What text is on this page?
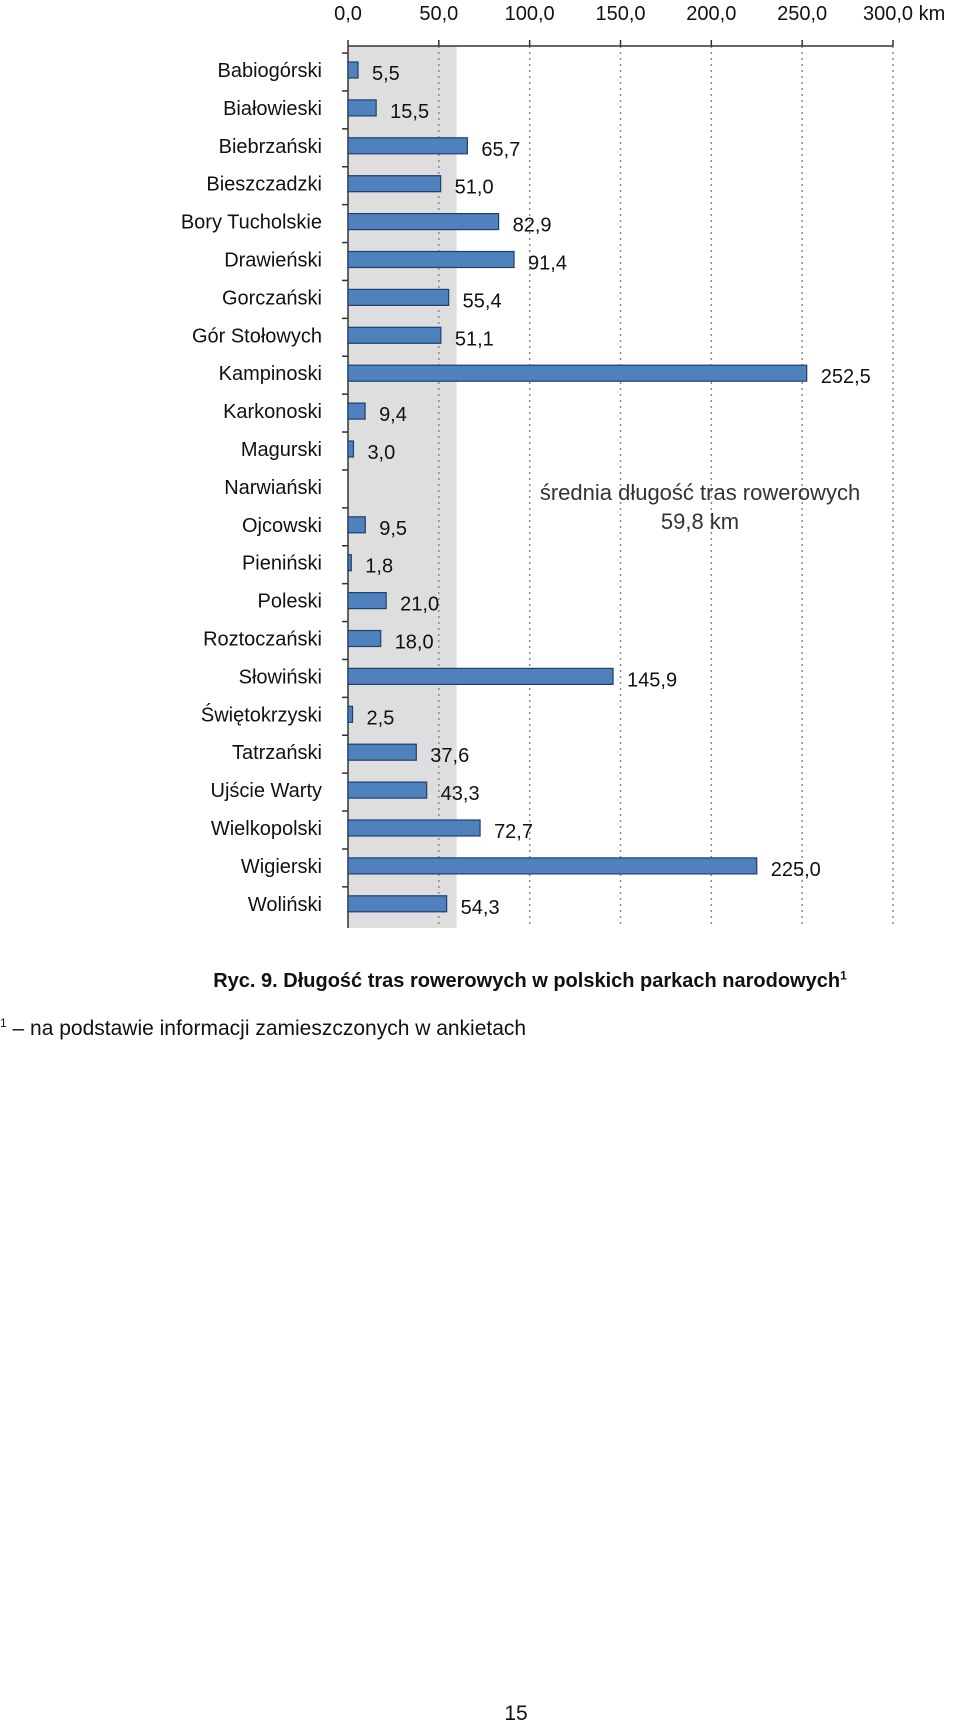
0,0	50,0 100,0 150,0 200,0 250,0 300,0 km
Babiogórski 5,5
Białowieski	15,5
Biebrzański	65,7
Bieszczadzki	51,0
Bory Tucholskie	82,9
Drawieński	91,4
Gorczański	55,4
Gór Stołowych	51,1
Kampinoski	252,5
Karkonoski	9,4
Magurski 3,0
Narwiański
Ojcowski	9,5
Pieniński 1,8
Poleski	21,0
Roztoczański	18,0
Słowiński	145,9
Świętokrzyski 2,5
Tatrzański	37,6
Ujście Warty	43,3
Wielkopolski	72,7
Wigierski	225,0
Woliński	54,3
średnia długość tras rowerowych
59,8 km
Ryc. 9. Długość tras rowerowych w polskich parkach narodowych$^1$
$^1$ – na podstawie informacji zamieszczonych w ankietach
15
